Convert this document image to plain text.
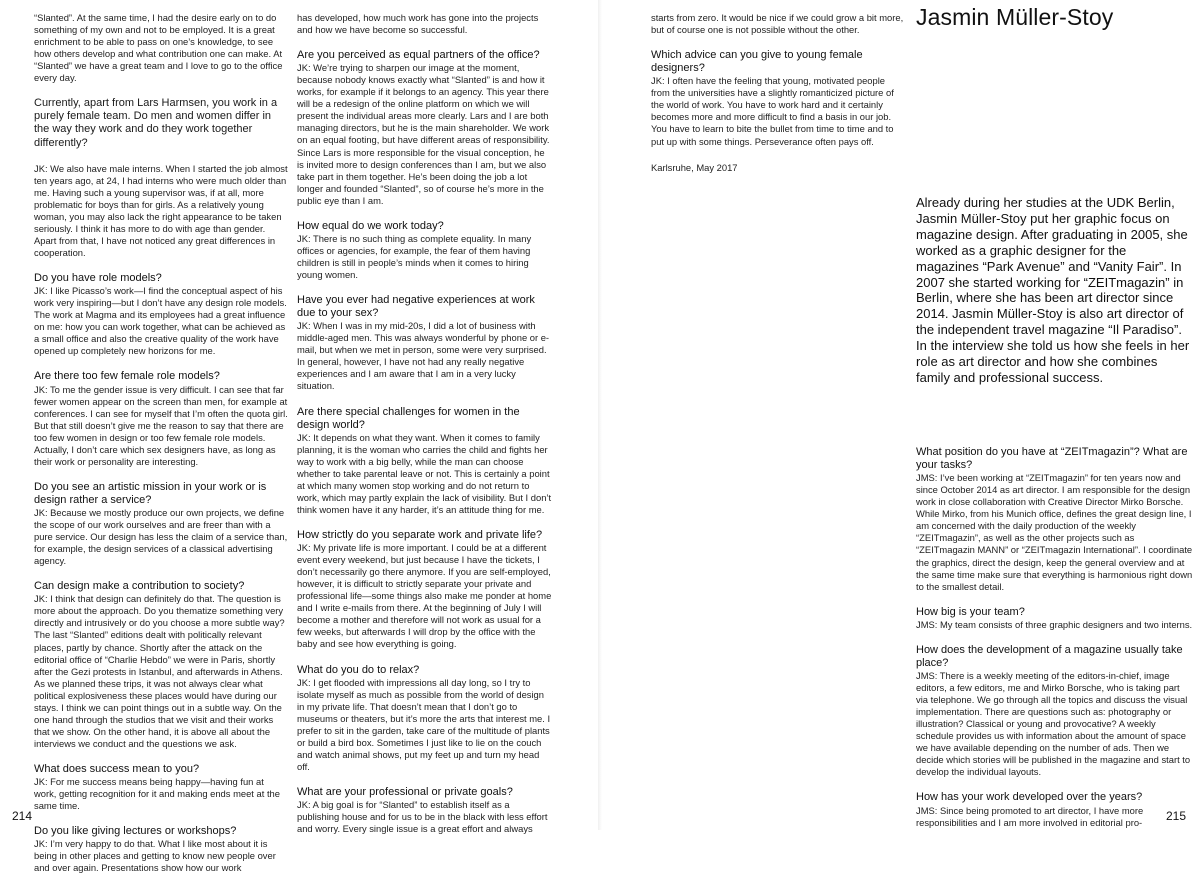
“Slanted”. At the same time, I had the desire early on to do something of my own and not to be employed. It is a great enrichment to be able to pass on one’s knowledge, to see how others develop and what contribution one can make. At “Slanted” we have a great team and I love to go to the office every day.
Currently, apart from Lars Harmsen, you work in a purely female team. Do men and women differ in the way they work and do they work together differently?
JK: We also have male interns. When I started the job almost ten years ago, at 24, I had interns who were much older than me. Having such a young supervisor was, if at all, more problematic for boys than for girls. As a relatively young woman, you may also lack the right appearance to be taken seriously. I think it has more to do with age than gender. Apart from that, I have not noticed any great differences in cooperation.
Do you have role models?
JK: I like Picasso’s work—I find the conceptual aspect of his work very inspiring—but I don’t have any design role models. The work at Magma and its employees had a great influence on me: how you can work together, what can be achieved as a small office and also the creative quality of the work have opened up completely new horizons for me.
Are there too few female role models?
JK: To me the gender issue is very difficult. I can see that far fewer women appear on the screen than men, for example at conferences. I can see for myself that I’m often the quota girl. But that still doesn’t give me the reason to say that there are too few women in design or too few female role models. Actually, I don’t care which sex designers have, as long as their work or personality are interesting.
Do you see an artistic mission in your work or is design rather a service?
JK: Because we mostly produce our own projects, we define the scope of our work ourselves and are freer than with a pure service. Our design has less the claim of a service than, for example, the design services of a classical advertising agency.
Can design make a contribution to society?
JK: I think that design can definitely do that. The question is more about the approach. Do you thematize something very directly and intrusively or do you choose a more subtle way? The last “Slanted” editions dealt with politically relevant places, partly by chance. Shortly after the attack on the editorial office of “Charlie Hebdo” we were in Paris, shortly after the Gezi protests in Istanbul, and afterwards in Athens. As we planned these trips, it was not always clear what political explosiveness these places would have during our stays. I think we can point things out in a subtle way. On the one hand through the studios that we visit and their works that we show. On the other hand, it is above all about the interviews we conduct and the questions we ask.
What does success mean to you?
JK: For me success means being happy—having fun at work, getting recognition for it and making ends meet at the same time.
Do you like giving lectures or workshops?
JK: I’m very happy to do that. What I like most about it is being in other places and getting to know new people over and over again. Presentations show how our work
has developed, how much work has gone into the projects and how we have become so successful.
Are you perceived as equal partners of the office?
JK: We’re trying to sharpen our image at the moment, because nobody knows exactly what “Slanted” is and how it works, for example if it belongs to an agency. This year there will be a redesign of the online platform on which we will present the individual areas more clearly. Lars and I are both managing directors, but he is the main shareholder. We work on an equal footing, but have different areas of responsibility. Since Lars is more responsible for the visual conception, he is invited more to design conferences than I am, but we also take part in them together. He’s been doing the job a lot longer and founded “Slanted”, so of course he’s more in the public eye than I am.
How equal do we work today?
JK: There is no such thing as complete equality. In many offices or agencies, for example, the fear of them having children is still in people’s minds when it comes to hiring young women.
Have you ever had negative experiences at work due to your sex?
JK: When I was in my mid-20s, I did a lot of business with middle-aged men. This was always wonderful by phone or e-mail, but when we met in person, some were very surprised. In general, however, I have not had any really negative experiences and I am aware that I am in a very lucky situation.
Are there special challenges for women in the design world?
JK: It depends on what they want. When it comes to family planning, it is the woman who carries the child and fights her way to work with a big belly, while the man can choose whether to take parental leave or not. This is certainly a point at which many women stop working and do not return to work, which may partly explain the lack of visibility. But I don’t think women have it any harder, it’s an attitude thing for me.
How strictly do you separate work and private life?
JK: My private life is more important. I could be at a different event every weekend, but just because I have the tickets, I don’t necessarily go there anymore. If you are self-employed, however, it is difficult to strictly separate your private and professional life—some things also make me ponder at home and I write e-mails from there. At the beginning of July I will become a mother and therefore will not work as usual for a few weeks, but afterwards I will drop by the office with the baby and see how everything is going.
What do you do to relax?
JK: I get flooded with impressions all day long, so I try to isolate myself as much as possible from the world of design in my private life. That doesn’t mean that I don’t go to museums or theaters, but it’s more the arts that interest me. I prefer to sit in the garden, take care of the multitude of plants or build a bird box. Sometimes I just like to lie on the couch and watch animal shows, put my feet up and turn my head off.
What are your professional or private goals?
JK: A big goal is for “Slanted” to establish itself as a publishing house and for us to be in the black with less effort and worry. Every single issue is a great effort and always
starts from zero. It would be nice if we could grow a bit more, but of course one is not possible without the other.
Which advice can you give to young female designers?
JK: I often have the feeling that young, motivated people from the universities have a slightly romanticized picture of the world of work. You have to work hard and it certainly becomes more and more difficult to find a basis in our job. You have to learn to bite the bullet from time to time and to put up with some things. Perseverance often pays off.
Karlsruhe, May 2017
Jasmin Müller-Stoy
Already during her studies at the UDK Berlin, Jasmin Müller-Stoy put her graphic focus on magazine design. After graduating in 2005, she worked as a graphic designer for the magazines “Park Avenue” and “Vanity Fair”. In 2007 she started working for “ZEITmagazin” in Berlin, where she has been art director since 2014. Jasmin Müller-Stoy is also art director of the independent travel magazine “Il Paradiso”. In the interview she told us how she feels in her role as art director and how she combines family and professional success.
What position do you have at “ZEITmagazin”? What are your tasks?
JMS: I’ve been working at “ZEITmagazin” for ten years now and since October 2014 as art director. I am responsible for the design work in close collaboration with Creative Director Mirko Borsche. While Mirko, from his Munich office, defines the great design line, I am concerned with the daily production of the weekly “ZEITmagazin”, as well as the other projects such as “ZEITmagazin MANN” or “ZEITmagazin International”. I coordinate the graphics, direct the design, keep the general overview and at the same time make sure that everything is harmonious right down to the smallest detail.
How big is your team?
JMS: My team consists of three graphic designers and two interns.
How does the development of a magazine usually take place?
JMS: There is a weekly meeting of the editors-in-chief, image editors, a few editors, me and Mirko Borsche, who is taking part via telephone. We go through all the topics and discuss the visual implementation. There are questions such as: photography or illustration? Classical or young and provocative? A weekly schedule provides us with information about the amount of space we have available depending on the number of ads. Then we decide which stories will be published in the magazine and start to develop the individual layouts.
How has your work developed over the years?
JMS: Since being promoted to art director, I have more responsibilities and I am more involved in editorial pro-
214	215
